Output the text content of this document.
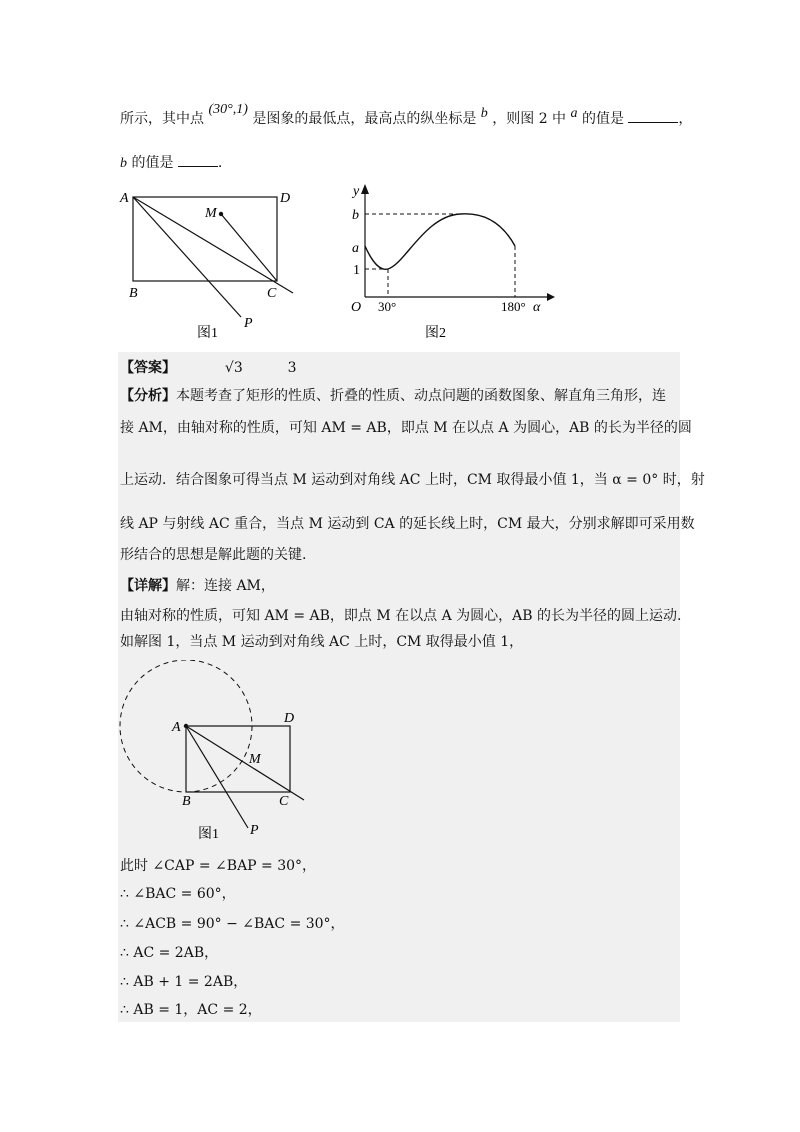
所示，其中点 (30°,1) 是图象的最低点，最高点的纵坐标是 b ，则图 2 中 a 的值是	，
b 的值是	.
A	D
M
B	C
P
图1
y
b
a
1
O 30°	180° α
图2
【答案】	√3	3
【分析】本题考查了矩形的性质、折叠的性质、动点问题的函数图象、解直角三角形，连
接 AM，由轴对称的性质，可知 AM = AB，即点 M 在以点 A 为圆心，AB 的长为半径的圆
上运动．结合图象可得当点 M 运动到对角线 AC 上时，CM 取得最小值 1，当 α = 0° 时，射
线 AP 与射线 AC 重合，当点 M 运动到 CA 的延长线上时，CM 最大，分别求解即可采用数
形结合的思想是解此题的关键.
【详解】解：连接 AM，
由轴对称的性质，可知 AM = AB，即点 M 在以点 A 为圆心，AB 的长为半径的圆上运动.
如解图 1，当点 M 运动到对角线 AC 上时，CM 取得最小值 1，
A
D
M
B	C
P
图1
此时 ∠CAP = ∠BAP = 30°，
∴ ∠BAC = 60°，
∴ ∠ACB = 90° − ∠BAC = 30°，
∴ AC = 2AB，
∴ AB + 1 = 2AB，
∴ AB = 1，AC = 2，
